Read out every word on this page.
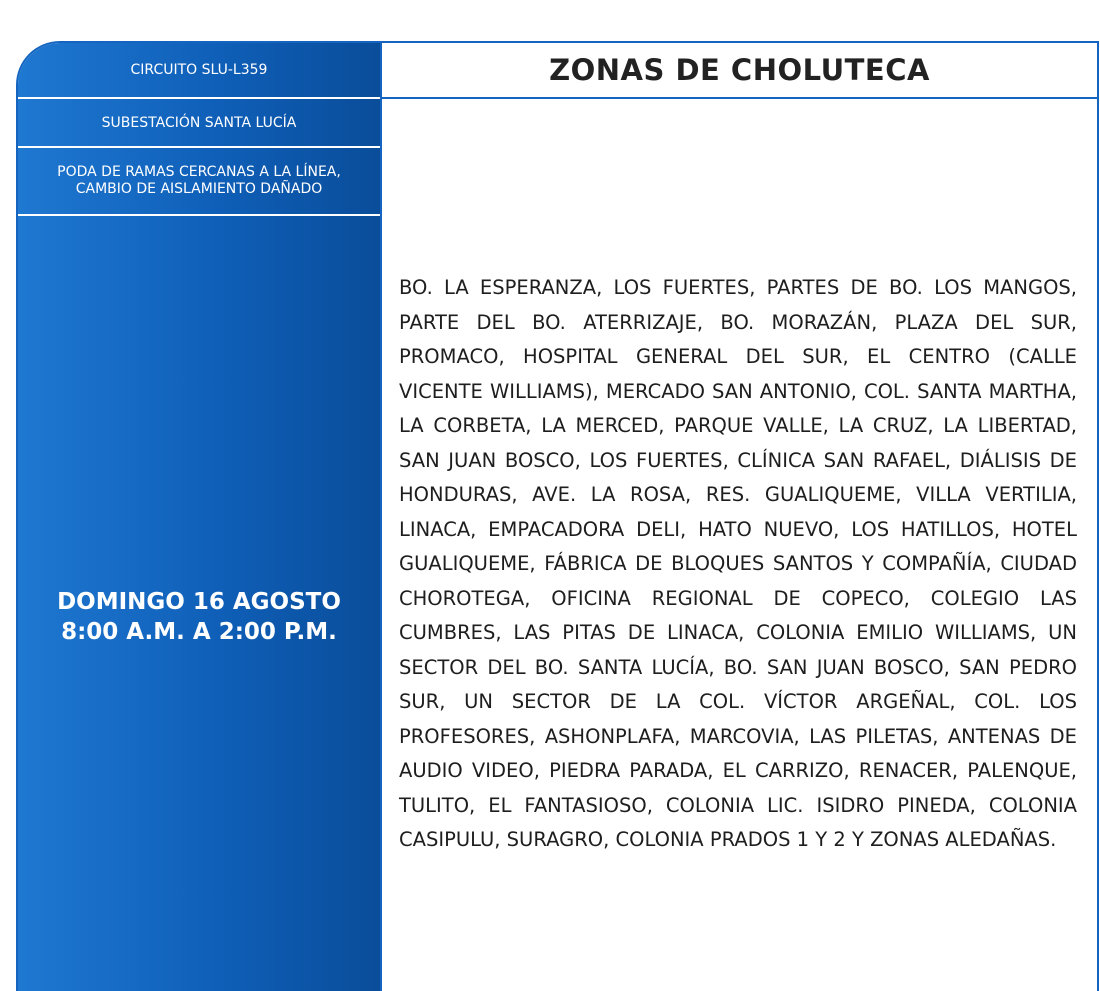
CIRCUITO SLU-L359
SUBESTACIÓN SANTA LUCÍA
PODA DE RAMAS CERCANAS A LA LÍNEA, CAMBIO DE AISLAMIENTO DAÑADO
DOMINGO 16 AGOSTO
8:00 A.M. A 2:00 P.M.
ZONAS DE CHOLUTECA
BO. LA ESPERANZA, LOS FUERTES, PARTES DE BO. LOS MANGOS, PARTE DEL BO. ATERRIZAJE, BO. MORAZÁN, PLAZA DEL SUR, PROMACO, HOSPITAL GENERAL DEL SUR, EL CENTRO (CALLE VICENTE WILLIAMS), MERCADO SAN ANTONIO, COL. SANTA MARTHA, LA CORBETA, LA MERCED, PARQUE VALLE, LA CRUZ, LA LIBERTAD, SAN JUAN BOSCO, LOS FUERTES, CLÍNICA SAN RAFAEL, DIÁLISIS DE HONDURAS, AVE. LA ROSA, RES. GUALIQUEME, VILLA VERTILIA, LINACA, EMPACADORA DELI, HATO NUEVO, LOS HATILLOS, HOTEL GUALIQUEME, FÁBRICA DE BLOQUES SANTOS Y COMPAÑÍA, CIUDAD CHOROTEGA, OFICINA REGIONAL DE COPECO, COLEGIO LAS CUMBRES, LAS PITAS DE LINACA, COLONIA EMILIO WILLIAMS, UN SECTOR DEL BO. SANTA LUCÍA, BO. SAN JUAN BOSCO, SAN PEDRO SUR, UN SECTOR DE LA COL. VÍCTOR ARGEÑAL, COL. LOS PROFESORES, ASHONPLAFA, MARCOVIA, LAS PILETAS, ANTENAS DE AUDIO VIDEO, PIEDRA PARADA, EL CARRIZO, RENACER, PALENQUE, TULITO, EL FANTASIOSO, COLONIA LIC. ISIDRO PINEDA, COLONIA CASIPULU, SURAGRO, COLONIA PRADOS 1 Y 2 Y ZONAS ALEDAÑAS.
